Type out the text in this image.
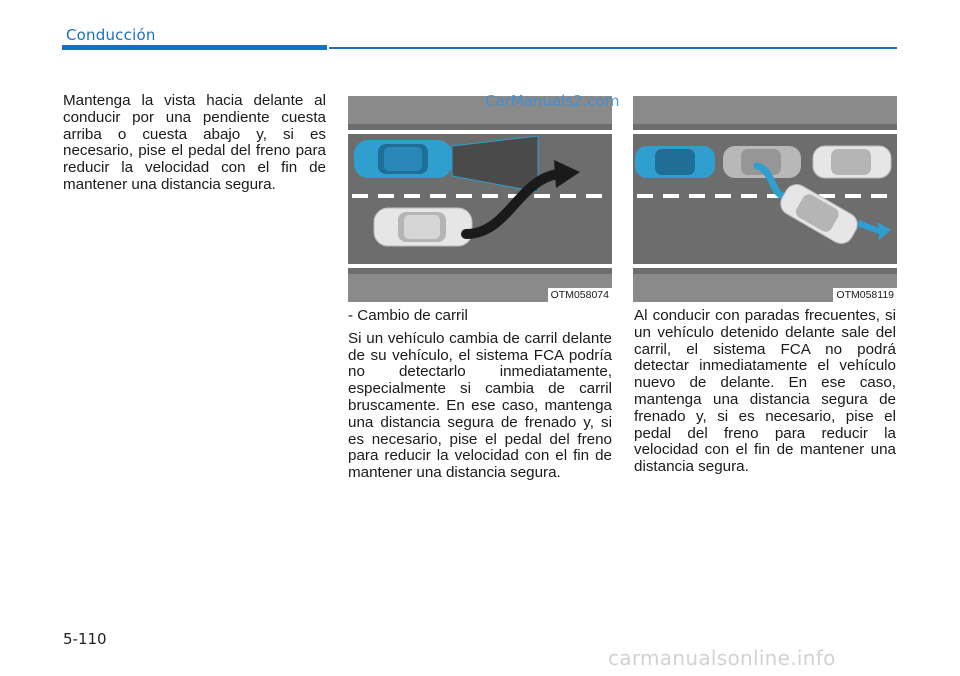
Conducción

Mantenga la vista hacia delante al conducir por una pendiente cuesta arriba o cuesta abajo y, si es necesario, pise el pedal del freno para reducir la velocidad con el fin de mantener una distancia segura.

OTM058074	OTM058119
CarManuals2.com

- Cambio de carril

Si un vehículo cambia de carril delante de su vehículo, el sistema FCA podría no detectarlo inmediatamente, especialmente si cambia de carril bruscamente. En ese caso, mantenga una distancia segura de frenado y, si es necesario, pise el pedal del freno para reducir la velocidad con el fin de mantener una distancia segura.

Al conducir con paradas frecuentes, si un vehículo detenido delante sale del carril, el sistema FCA no podrá detectar inmediatamente el vehículo nuevo de delante. En ese caso, mantenga una distancia segura de frenado y, si es necesario, pise el pedal del freno para reducir la velocidad con el fin de mantener una distancia segura.

5-110
carmanualsonline.info
